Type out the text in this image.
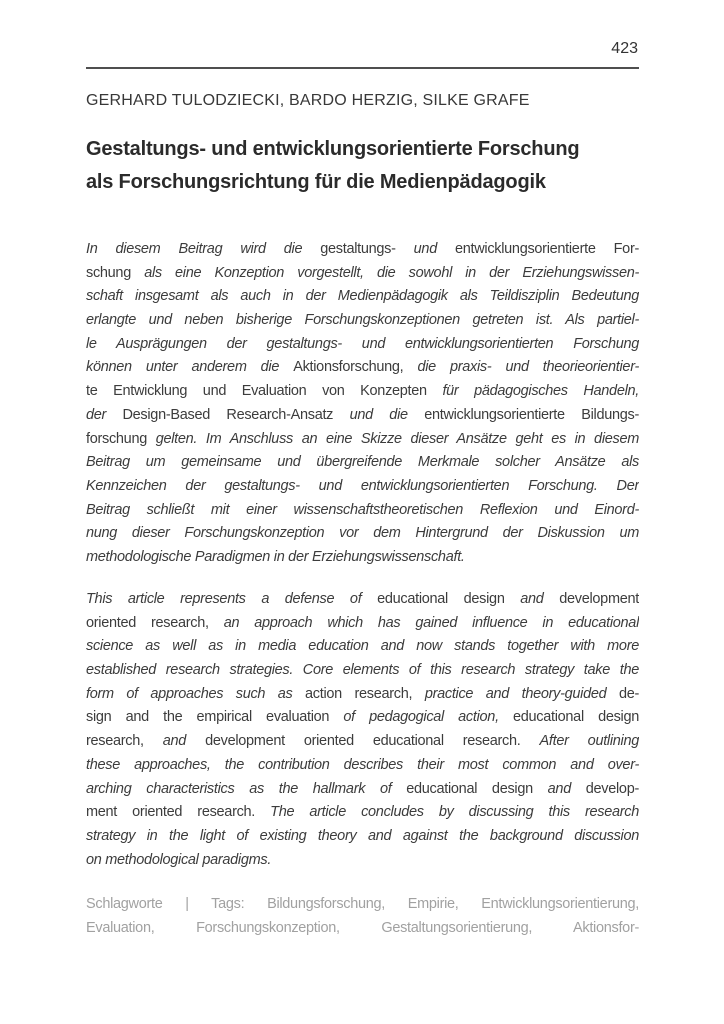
423
GERHARD TULODZIECKI, BARDO HERZIG, SILKE GRAFE
Gestaltungs- und entwicklungsorientierte Forschung
als Forschungsrichtung für die Medienpädagogik
In diesem Beitrag wird die gestaltungs- und entwicklungsorientierte For-
schung als eine Konzeption vorgestellt, die sowohl in der Erziehungswissen-
schaft insgesamt als auch in der Medienpädagogik als Teildisziplin Bedeutung
erlangte und neben bisherige Forschungskonzeptionen getreten ist. Als partiel-
le Ausprägungen der gestaltungs- und entwicklungsorientierten Forschung
können unter anderem die Aktionsforschung, die praxis- und theorieorientier-
te Entwicklung und Evaluation von Konzepten für pädagogisches Handeln,
der Design-Based Research-Ansatz und die entwicklungsorientierte Bildungs-
forschung gelten. Im Anschluss an eine Skizze dieser Ansätze geht es in diesem
Beitrag um gemeinsame und übergreifende Merkmale solcher Ansätze als
Kennzeichen der gestaltungs- und entwicklungsorientierten Forschung. Der
Beitrag schließt mit einer wissenschaftstheoretischen Reflexion und Einord-
nung dieser Forschungskonzeption vor dem Hintergrund der Diskussion um
methodologische Paradigmen in der Erziehungswissenschaft.
This article represents a defense of educational design and development
oriented research, an approach which has gained influence in educational
science as well as in media education and now stands together with more
established research strategies. Core elements of this research strategy take the
form of approaches such as action research, practice and theory-guided de-
sign and the empirical evaluation of pedagogical action, educational design
research, and development oriented educational research. After outlining
these approaches, the contribution describes their most common and over-
arching characteristics as the hallmark of educational design and develop-
ment oriented research. The article concludes by discussing this research
strategy in the light of existing theory and against the background discussion
on methodological paradigms.
Schlagworte | Tags: Bildungsforschung, Empirie, Entwicklungsorientierung,
Evaluation, Forschungskonzeption, Gestaltungsorientierung, Aktionsfor-
